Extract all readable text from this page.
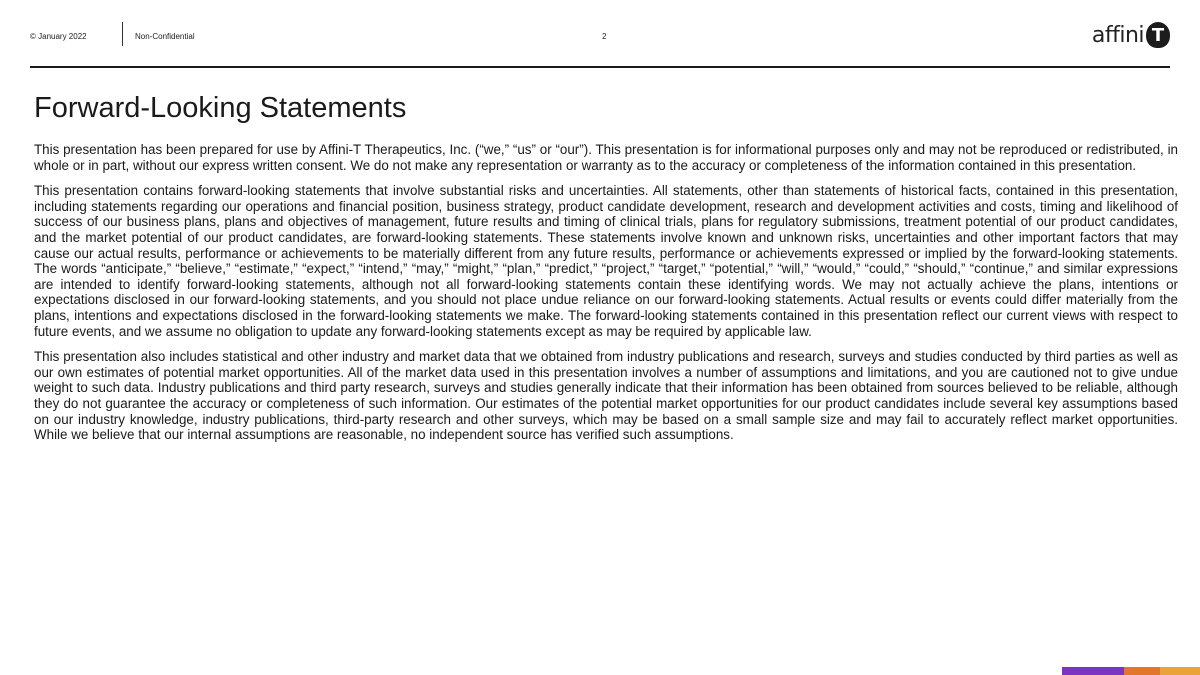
© January 2022	Non-Confidential	2	affini T
Forward-Looking Statements

This presentation has been prepared for use by Affini-T Therapeutics, Inc. (“we,” “us” or “our”). This presentation is for informational purposes only and may not be reproduced or redistributed, in whole or in part, without our express written consent. We do not make any representation or warranty as to the accuracy or completeness of the information contained in this presentation.

This presentation contains forward-looking statements that involve substantial risks and uncertainties. All statements, other than statements of historical facts, contained in this presentation, including statements regarding our operations and financial position, business strategy, product candidate development, research and development activities and costs, timing and likelihood of success of our business plans, plans and objectives of management, future results and timing of clinical trials, plans for regulatory submissions, treatment potential of our product candidates, and the market potential of our product candidates, are forward-looking statements. These statements involve known and unknown risks, uncertainties and other important factors that may cause our actual results, performance or achievements to be materially different from any future results, performance or achievements expressed or implied by the forward-looking statements. The words “anticipate,” “believe,” “estimate,” “expect,” “intend,” “may,” “might,” “plan,” “predict,” “project,” “target,” “potential,” “will,” “would,” “could,” “should,” “continue,” and similar expressions are intended to identify forward-looking statements, although not all forward-looking statements contain these identifying words. We may not actually achieve the plans, intentions or expectations disclosed in our forward-looking statements, and you should not place undue reliance on our forward-looking statements. Actual results or events could differ materially from the plans, intentions and expectations disclosed in the forward-looking statements we make. The forward-looking statements contained in this presentation reflect our current views with respect to future events, and we assume no obligation to update any forward-looking statements except as may be required by applicable law.

This presentation also includes statistical and other industry and market data that we obtained from industry publications and research, surveys and studies conducted by third parties as well as our own estimates of potential market opportunities. All of the market data used in this presentation involves a number of assumptions and limitations, and you are cautioned not to give undue weight to such data. Industry publications and third party research, surveys and studies generally indicate that their information has been obtained from sources believed to be reliable, although they do not guarantee the accuracy or completeness of such information. Our estimates of the potential market opportunities for our product candidates include several key assumptions based on our industry knowledge, industry publications, third-party research and other surveys, which may be based on a small sample size and may fail to accurately reflect market opportunities. While we believe that our internal assumptions are reasonable, no independent source has verified such assumptions.
